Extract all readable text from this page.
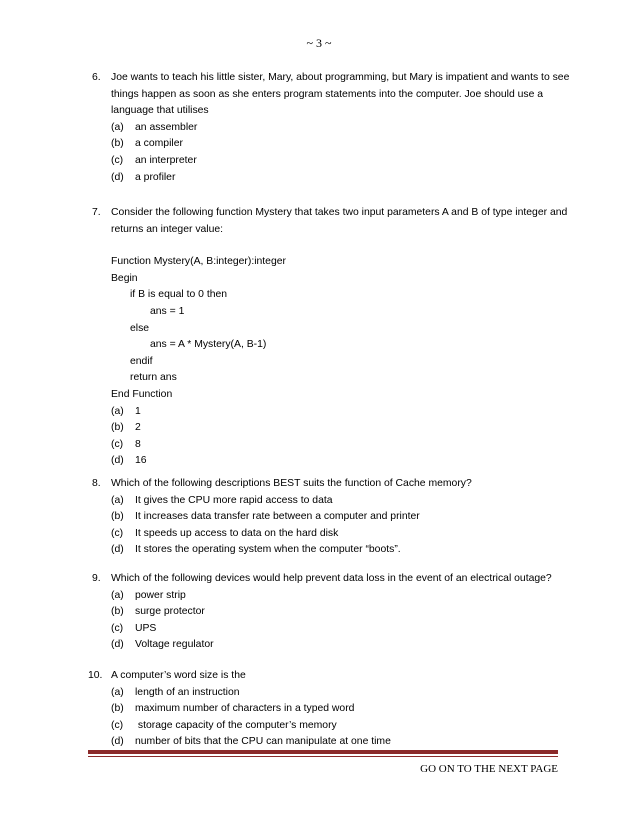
~ 3 ~
6. Joe wants to teach his little sister, Mary, about programming, but Mary is impatient and wants to see things happen as soon as she enters program statements into the computer. Joe should use a language that utilises
(a) an assembler
(b) a compiler
(c) an interpreter
(d) a profiler
7. Consider the following function Mystery that takes two input parameters A and B of type integer and returns an integer value:
Function Mystery(A, B:integer):integer
Begin
if B is equal to 0 then
ans = 1
else
ans = A * Mystery(A, B-1)
endif
return ans
End Function
(a) 1
(b) 2
(c) 8
(d) 16
8. Which of the following descriptions BEST suits the function of Cache memory?
(a) It gives the CPU more rapid access to data
(b) It increases data transfer rate between a computer and printer
(c) It speeds up access to data on the hard disk
(d) It stores the operating system when the computer “boots”.
9. Which of the following devices would help prevent data loss in the event of an electrical outage?
(a) power strip
(b) surge protector
(c) UPS
(d) Voltage regulator
10. A computer’s word size is the
(a) length of an instruction
(b) maximum number of characters in a typed word
(c) storage capacity of the computer’s memory
(d) number of bits that the CPU can manipulate at one time
GO ON TO THE NEXT PAGE
